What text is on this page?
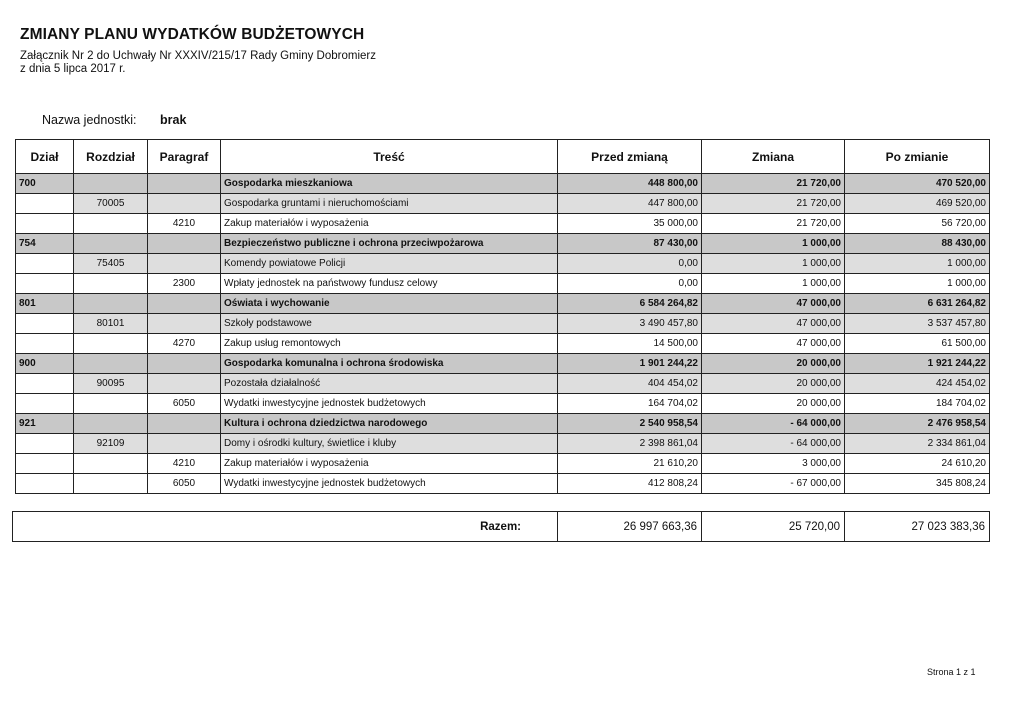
ZMIANY PLANU WYDATKÓW BUDŻETOWYCH
Załącznik Nr 2 do Uchwały Nr XXXIV/215/17 Rady Gminy Dobromierz
z dnia 5 lipca 2017 r.
Nazwa jednostki: brak
Dział	Rozdział	Paragraf	Treść	Przed zmianą	Zmiana	Po zmianie
700			Gospodarka mieszkaniowa	448 800,00	21 720,00	470 520,00
	70005		Gospodarka gruntami i nieruchomościami	447 800,00	21 720,00	469 520,00
		4210	Zakup materiałów i wyposażenia	35 000,00	21 720,00	56 720,00
754			Bezpieczeństwo publiczne i ochrona przeciwpożarowa	87 430,00	1 000,00	88 430,00
	75405		Komendy powiatowe Policji	0,00	1 000,00	1 000,00
		2300	Wpłaty jednostek na państwowy fundusz celowy	0,00	1 000,00	1 000,00
801			Oświata i wychowanie	6 584 264,82	47 000,00	6 631 264,82
	80101		Szkoły podstawowe	3 490 457,80	47 000,00	3 537 457,80
		4270	Zakup usług remontowych	14 500,00	47 000,00	61 500,00
900			Gospodarka komunalna i ochrona środowiska	1 901 244,22	20 000,00	1 921 244,22
	90095		Pozostała działalność	404 454,02	20 000,00	424 454,02
		6050	Wydatki inwestycyjne jednostek budżetowych	164 704,02	20 000,00	184 704,02
921			Kultura i ochrona dziedzictwa narodowego	2 540 958,54	- 64 000,00	2 476 958,54
	92109		Domy i ośrodki kultury, świetlice i kluby	2 398 861,04	- 64 000,00	2 334 861,04
		4210	Zakup materiałów i wyposażenia	21 610,20	3 000,00	24 610,20
		6050	Wydatki inwestycyjne jednostek budżetowych	412 808,24	- 67 000,00	345 808,24
Razem:	26 997 663,36	25 720,00	27 023 383,36
Strona 1 z 1
